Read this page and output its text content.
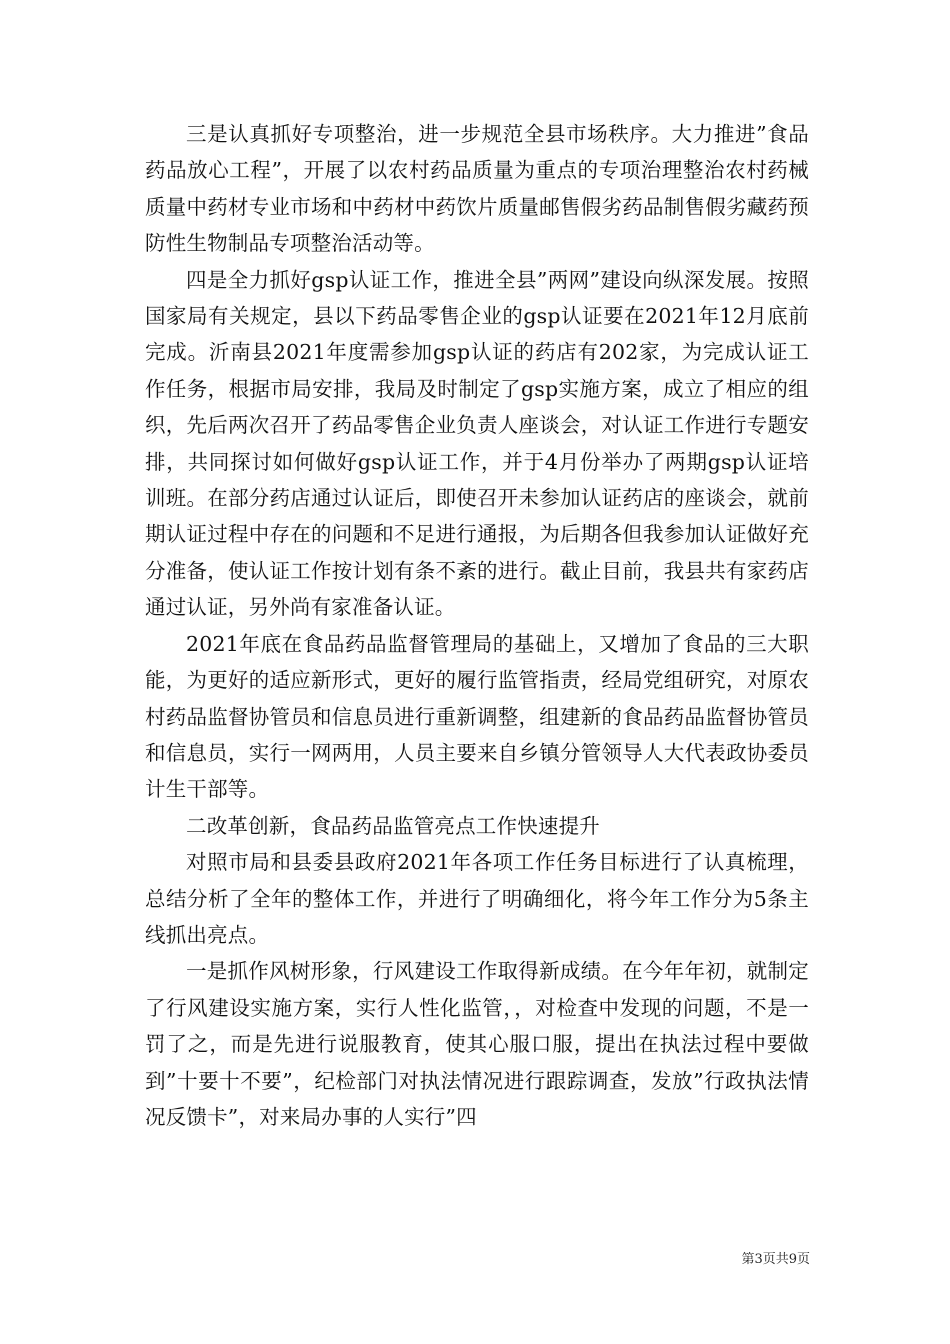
三是认真抓好专项整治，进一步规范全县市场秩序。大力推进”食品药品放心工程”，开展了以农村药品质量为重点的专项治理整治农村药械质量中药材专业市场和中药材中药饮片质量邮售假劣药品制售假劣藏药预防性生物制品专项整治活动等。

四是全力抓好gsp认证工作，推进全县”两网”建设向纵深发展。按照国家局有关规定，县以下药品零售企业的gsp认证要在2021年12月底前完成。沂南县2021年度需参加gsp认证的药店有202家，为完成认证工作任务，根据市局安排，我局及时制定了gsp实施方案，成立了相应的组织，先后两次召开了药品零售企业负责人座谈会，对认证工作进行专题安排，共同探讨如何做好gsp认证工作，并于4月份举办了两期gsp认证培训班。在部分药店通过认证后，即使召开未参加认证药店的座谈会，就前期认证过程中存在的问题和不足进行通报，为后期各但我参加认证做好充分准备，使认证工作按计划有条不紊的进行。截止目前，我县共有家药店通过认证，另外尚有家准备认证。

2021年底在食品药品监督管理局的基础上，又增加了食品的三大职能，为更好的适应新形式，更好的履行监管指责，经局党组研究，对原农村药品监督协管员和信息员进行重新调整，组建新的食品药品监督协管员和信息员，实行一网两用，人员主要来自乡镇分管领导人大代表政协委员计生干部等。

二改革创新，食品药品监管亮点工作快速提升

对照市局和县委县政府2021年各项工作任务目标进行了认真梳理，总结分析了全年的整体工作，并进行了明确细化，将今年工作分为5条主线抓出亮点。

一是抓作风树形象，行风建设工作取得新成绩。在今年年初，就制定了行风建设实施方案，实行人性化监管，，对检查中发现的问题，不是一罚了之，而是先进行说服教育，使其心服口服，提出在执法过程中要做到”十要十不要”，纪检部门对执法情况进行跟踪调查，发放”行政执法情况反馈卡”，对来局办事的人实行”四

第3页共9页
